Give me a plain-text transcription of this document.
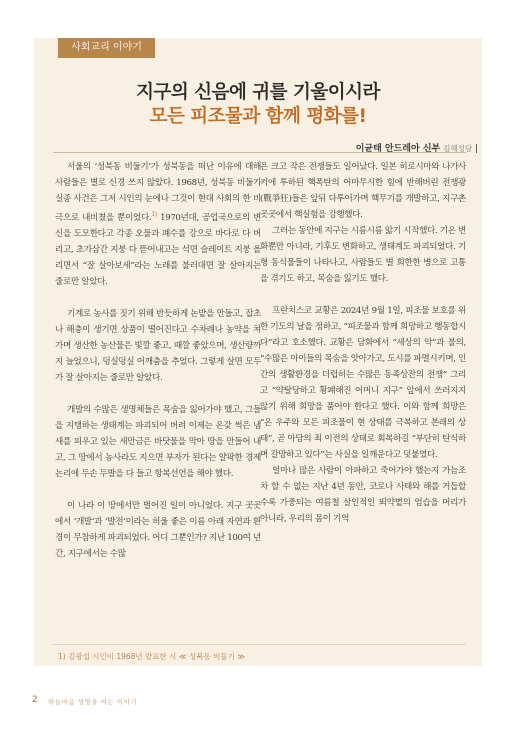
사회교리 이야기
지구의 신음에 귀를 기울이시라
모든 피조물과 함께 평화를!
이균태 안드레아 신부 김해성당 |

서울의 ‘성북동 비둘기’가 성북동을 떠난 이유에 대해 사람들은 별로 신경 쓰지 않았다. 1968년, 성북동 비둘기 실종 사건은 그저 시인의 눈에나 그것이 현대 사회의 한 비극으로 내비쳤을 뿐이었다.$^{1)}$ 1970년대, 공업국으로의 변신을 도모한다고 각종 오물과 폐수를 강으로 바다로 다 버리고, 초가삼간 지붕 다 뜯어내고는 석면 슬레이트 지붕 올리면서 “잘 살아보세”라는 노래를 불러대면 잘 살아지는 줄로만 알았다.

기계로 농사를 짓기 위해 반듯하게 논밭을 만들고, 잡초나 해충이 생기면 상품이 떨어진다고 수차례나 농약을 쳐가며 생산한 농산물은 빛깔 좋고, 때깔 좋았으며, 생산량까지 늘었으니, 덩실덩실 어깨춤을 추었다. 그렇게 살면 모두가 잘 살아지는 줄로만 알았다.

개발의 수많은 생명체들은 목숨을 잃어가야 했고, 그들을 지탱하는 생태계는 파괴되어 버려 이제는 온갖 썩은 냄새를 피우고 있는 새만금은 바닷물을 막아 땅을 만들어 내고, 그 땅에서 농사라도 지으면 부자가 된다는 얄팍한 경제 논리에 두손 두발을 다 들고 항복선언을 해야 했다.

이 나라 이 땅에서만 벌어진 일이 아니었다. 지구 곳곳에서 ‘개발’과 ‘발전’이라는 허울 좋은 이름 아래 자연과 환경이 무참하게 파괴되었다. 어디 그뿐인가? 지난 100여 년간, 지구에서는 수많

은 크고 작은 전쟁들도 일어났다. 일본 히로시마와 나가사키에 투하된 핵폭탄의 어마무시한 힘에 반해버린 전쟁광(戰爭狂)들은 앞뒤 다투어가며 핵무기를 개발하고, 지구촌 곳곳에서 핵실험을 강행했다.

그러는 동안에 지구는 시름시름 앓기 시작했다. 기온 변화뿐만 아니라, 기후도 변화하고, 생태계도 파괴되었다. 기형 동식물들이 나타나고, 사람들도 별 희한한 병으로 고통을 겪기도 하고, 목숨을 잃기도 했다.

프란치스코 교황은 2024년 9월 1일, 피조물 보호를 위한 기도의 날을 정하고, “피조물과 함께 희망하고 행동합시다”라고 호소했다. 교황은 담화에서 “세상의 악”과 불의, “수많은 아이들의 목숨을 앗아가고, 도시를 파멸시키며, 인간의 생활환경을 더럽히는 수많은 동족상잔의 전쟁” 그리고 “약탈당하고 황폐해진 어머니 지구” 앞에서 쓰러지지 않기 위해 희망을 품어야 한다고 했다. 이와 함께 희망은 “온 우주와 모든 피조물이 현 상태를 극복하고 본래의 상태”, 곧 아담의 죄 이전의 상태로 회복하길 “부단히 탄식하며 갈망하고 있다”는 사실을 일깨운다고 덧붙였다.

얼마나 많은 사람이 아파하고 죽어가야 했는지 가늠조차 할 수 없는 지난 4년 동안, 코로나 사태와 해를 거듭할수록 가중되는 여름철 살인적인 뙤약볕의 엄습을 머리가 아니라, 우리의 몸이 기억

1) 김광섭 시인이 1968년 발표한 시 ≪ 성북동 비둘기 ≫
2 하늘마음 생명을 여는 이야기
